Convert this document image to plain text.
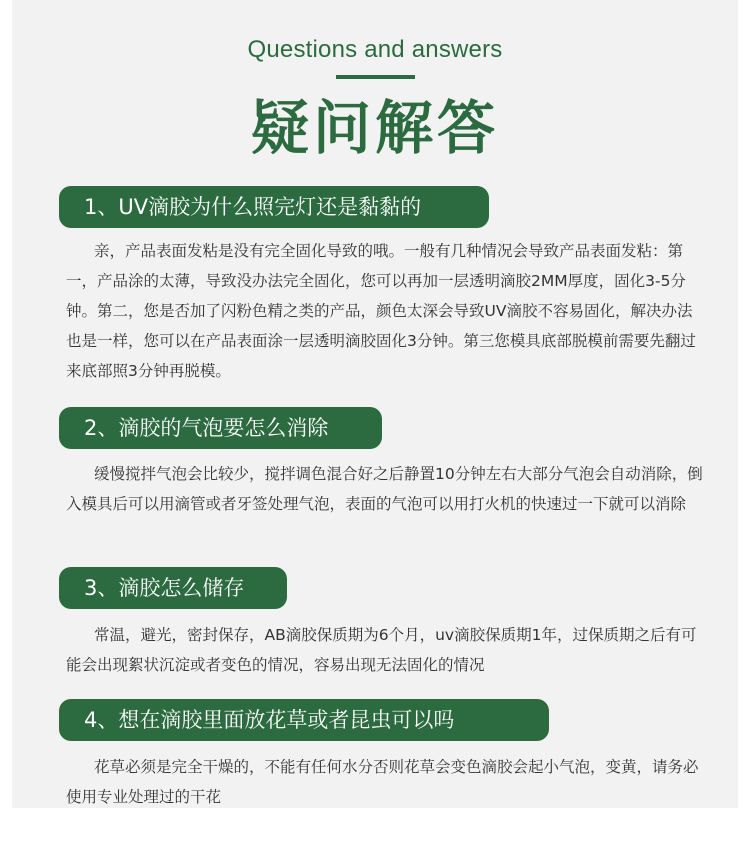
Questions and answers
疑问解答
1、UV滴胶为什么照完灯还是黏黏的
亲，产品表面发粘是没有完全固化导致的哦。一般有几种情况会导致产品表面发粘：第一，产品涂的太薄，导致没办法完全固化，您可以再加一层透明滴胶2MM厚度，固化3-5分钟。第二，您是否加了闪粉色精之类的产品，颜色太深会导致UV滴胶不容易固化，解决办法也是一样，您可以在产品表面涂一层透明滴胶固化3分钟。第三您模具底部脱模前需要先翻过来底部照3分钟再脱模。
2、滴胶的气泡要怎么消除
缓慢搅拌气泡会比较少，搅拌调色混合好之后静置10分钟左右大部分气泡会自动消除，倒入模具后可以用滴管或者牙签处理气泡，表面的气泡可以用打火机的快速过一下就可以消除
3、滴胶怎么储存
常温，避光，密封保存，AB滴胶保质期为6个月，uv滴胶保质期1年，过保质期之后有可能会出现絮状沉淀或者变色的情况，容易出现无法固化的情况
4、想在滴胶里面放花草或者昆虫可以吗
花草必须是完全干燥的，不能有任何水分否则花草会变色滴胶会起小气泡，变黄，请务必使用专业处理过的干花
